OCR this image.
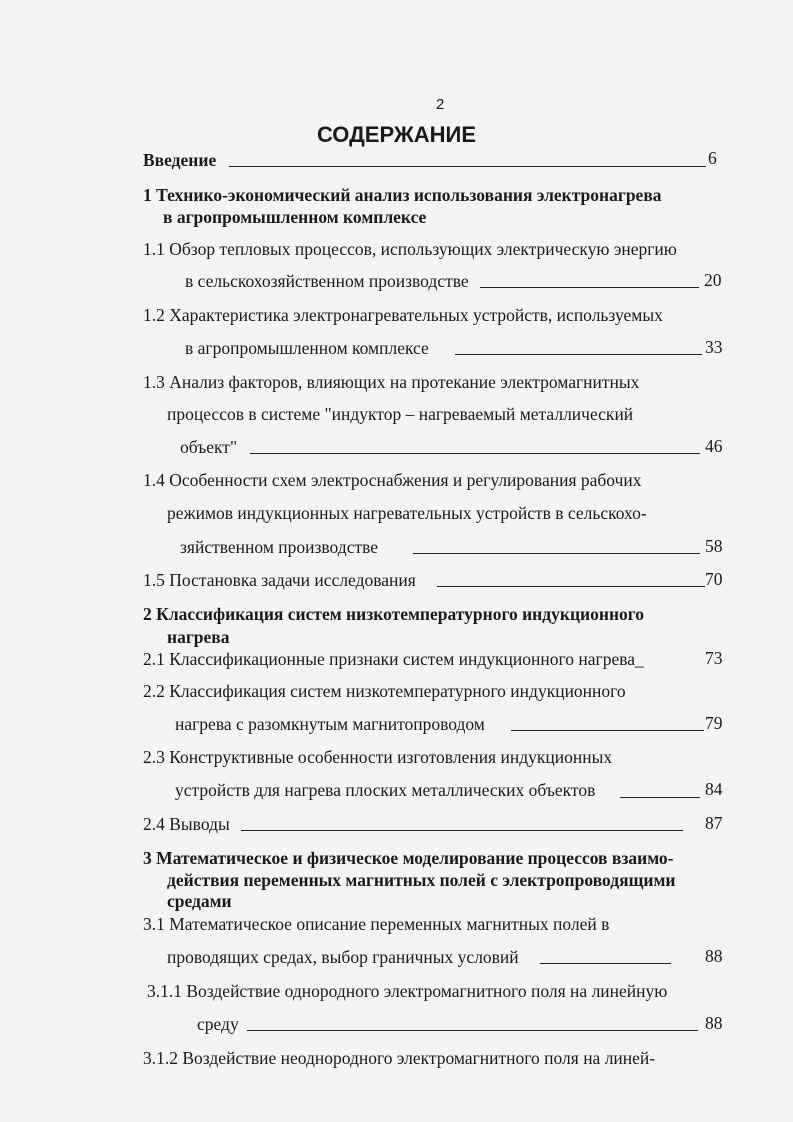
2
СОДЕРЖАНИЕ
Введение	6
1 Технико-экономический анализ использования электронагрева
в агропромышленном комплексе
1.1 Обзор тепловых процессов, использующих электрическую энергию
в сельскохозяйственном производстве	20
1.2 Характеристика электронагревательных устройств, используемых
в агропромышленном комплексе	33
1.3 Анализ факторов, влияющих на протекание электромагнитных
процессов в системе "индуктор – нагреваемый металлический
объект"	46
1.4 Особенности схем электроснабжения и регулирования рабочих
режимов индукционных нагревательных устройств в сельскохо-
зяйственном производстве	58
1.5 Постановка задачи исследования	70
2 Классификация систем низкотемпературного индукционного
нагрева
2.1 Классификационные признаки систем индукционного нагрева_	73
2.2 Классификация систем низкотемпературного индукционного
нагрева с разомкнутым магнитопроводом	79
2.3 Конструктивные особенности изготовления индукционных
устройств для нагрева плоских металлических объектов	84
2.4 Выводы	87
3 Математическое и физическое моделирование процессов взаимо-
действия переменных магнитных полей с электропроводящими
средами
3.1 Математическое описание переменных магнитных полей в
проводящих средах, выбор граничных условий	88
3.1.1 Воздействие однородного электромагнитного поля на линейную
среду	88
3.1.2 Воздействие неоднородного электромагнитного поля на линей-
